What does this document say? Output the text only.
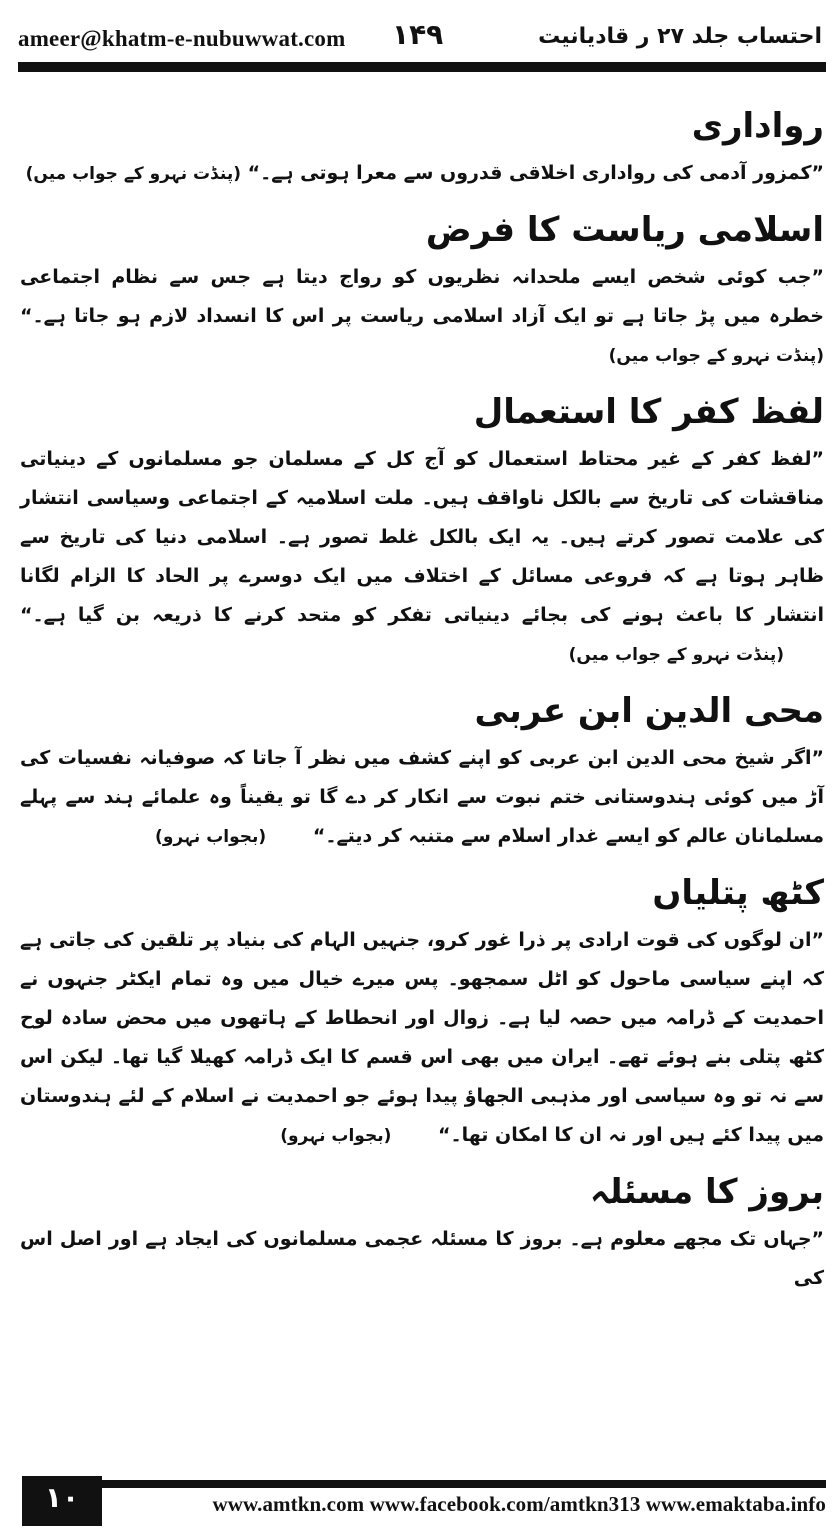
ameer@khatm-e-nubuwwat.com ۱۴۹	احتساب جلد ۲۷ ر قادیانیت
رواداری

”کمزور آدمی کی رواداری اخلاقی قدروں سے معرا ہوتی ہے۔“ (پنڈت نہرو کے جواب میں)

اسلامی ریاست کا فرض

”جب کوئی شخص ایسے ملحدانہ نظریوں کو رواج دیتا ہے جس سے نظام اجتماعی خطرہ میں پڑ جاتا ہے تو ایک آزاد اسلامی ریاست پر اس کا انسداد لازم ہو جاتا ہے۔“ (پنڈت نہرو کے جواب میں)

لفظ کفر کا استعمال

”لفظ کفر کے غیر محتاط استعمال کو آج کل کے مسلمان جو مسلمانوں کے دینیاتی مناقشات کی تاریخ سے بالکل ناواقف ہیں۔ ملت اسلامیہ کے اجتماعی وسیاسی انتشار کی علامت تصور کرتے ہیں۔ یہ ایک بالکل غلط تصور ہے۔ اسلامی دنیا کی تاریخ سے ظاہر ہوتا ہے کہ فروعی مسائل کے اختلاف میں ایک دوسرے پر الحاد کا الزام لگانا انتشار کا باعث ہونے کی بجائے دینیاتی تفکر کو متحد کرنے کا ذریعہ بن گیا ہے۔“ (پنڈت نہرو کے جواب میں)

محی الدین ابن عربی

”اگر شیخ محی الدین ابن عربی کو اپنے کشف میں نظر آ جاتا کہ صوفیانہ نفسیات کی آڑ میں کوئی ہندوستانی ختم نبوت سے انکار کر دے گا تو یقیناً وہ علمائے ہند سے پہلے مسلمانان عالم کو ایسے غدار اسلام سے متنبہ کر دیتے۔“ (بجواب نہرو)

کٹھ پتلیاں

”ان لوگوں کی قوت ارادی پر ذرا غور کرو، جنہیں الہام کی بنیاد پر تلقین کی جاتی ہے کہ اپنے سیاسی ماحول کو اٹل سمجھو۔ پس میرے خیال میں وہ تمام ایکٹر جنہوں نے احمدیت کے ڈرامہ میں حصہ لیا ہے۔ زوال اور انحطاط کے ہاتھوں میں محض سادہ لوح کٹھ پتلی بنے ہوئے تھے۔ ایران میں بھی اس قسم کا ایک ڈرامہ کھیلا گیا تھا۔ لیکن اس سے نہ تو وہ سیاسی اور مذہبی الجھاؤ پیدا ہوئے جو احمدیت نے اسلام کے لئے ہندوستان میں پیدا کئے ہیں اور نہ ان کا امکان تھا۔“ (بجواب نہرو)

بروز کا مسئلہ

”جہاں تک مجھے معلوم ہے۔ بروز کا مسئلہ عجمی مسلمانوں کی ایجاد ہے اور اصل اس کی

۱۰	www.amtkn.com www.facebook.com/amtkn313 www.emaktaba.info
